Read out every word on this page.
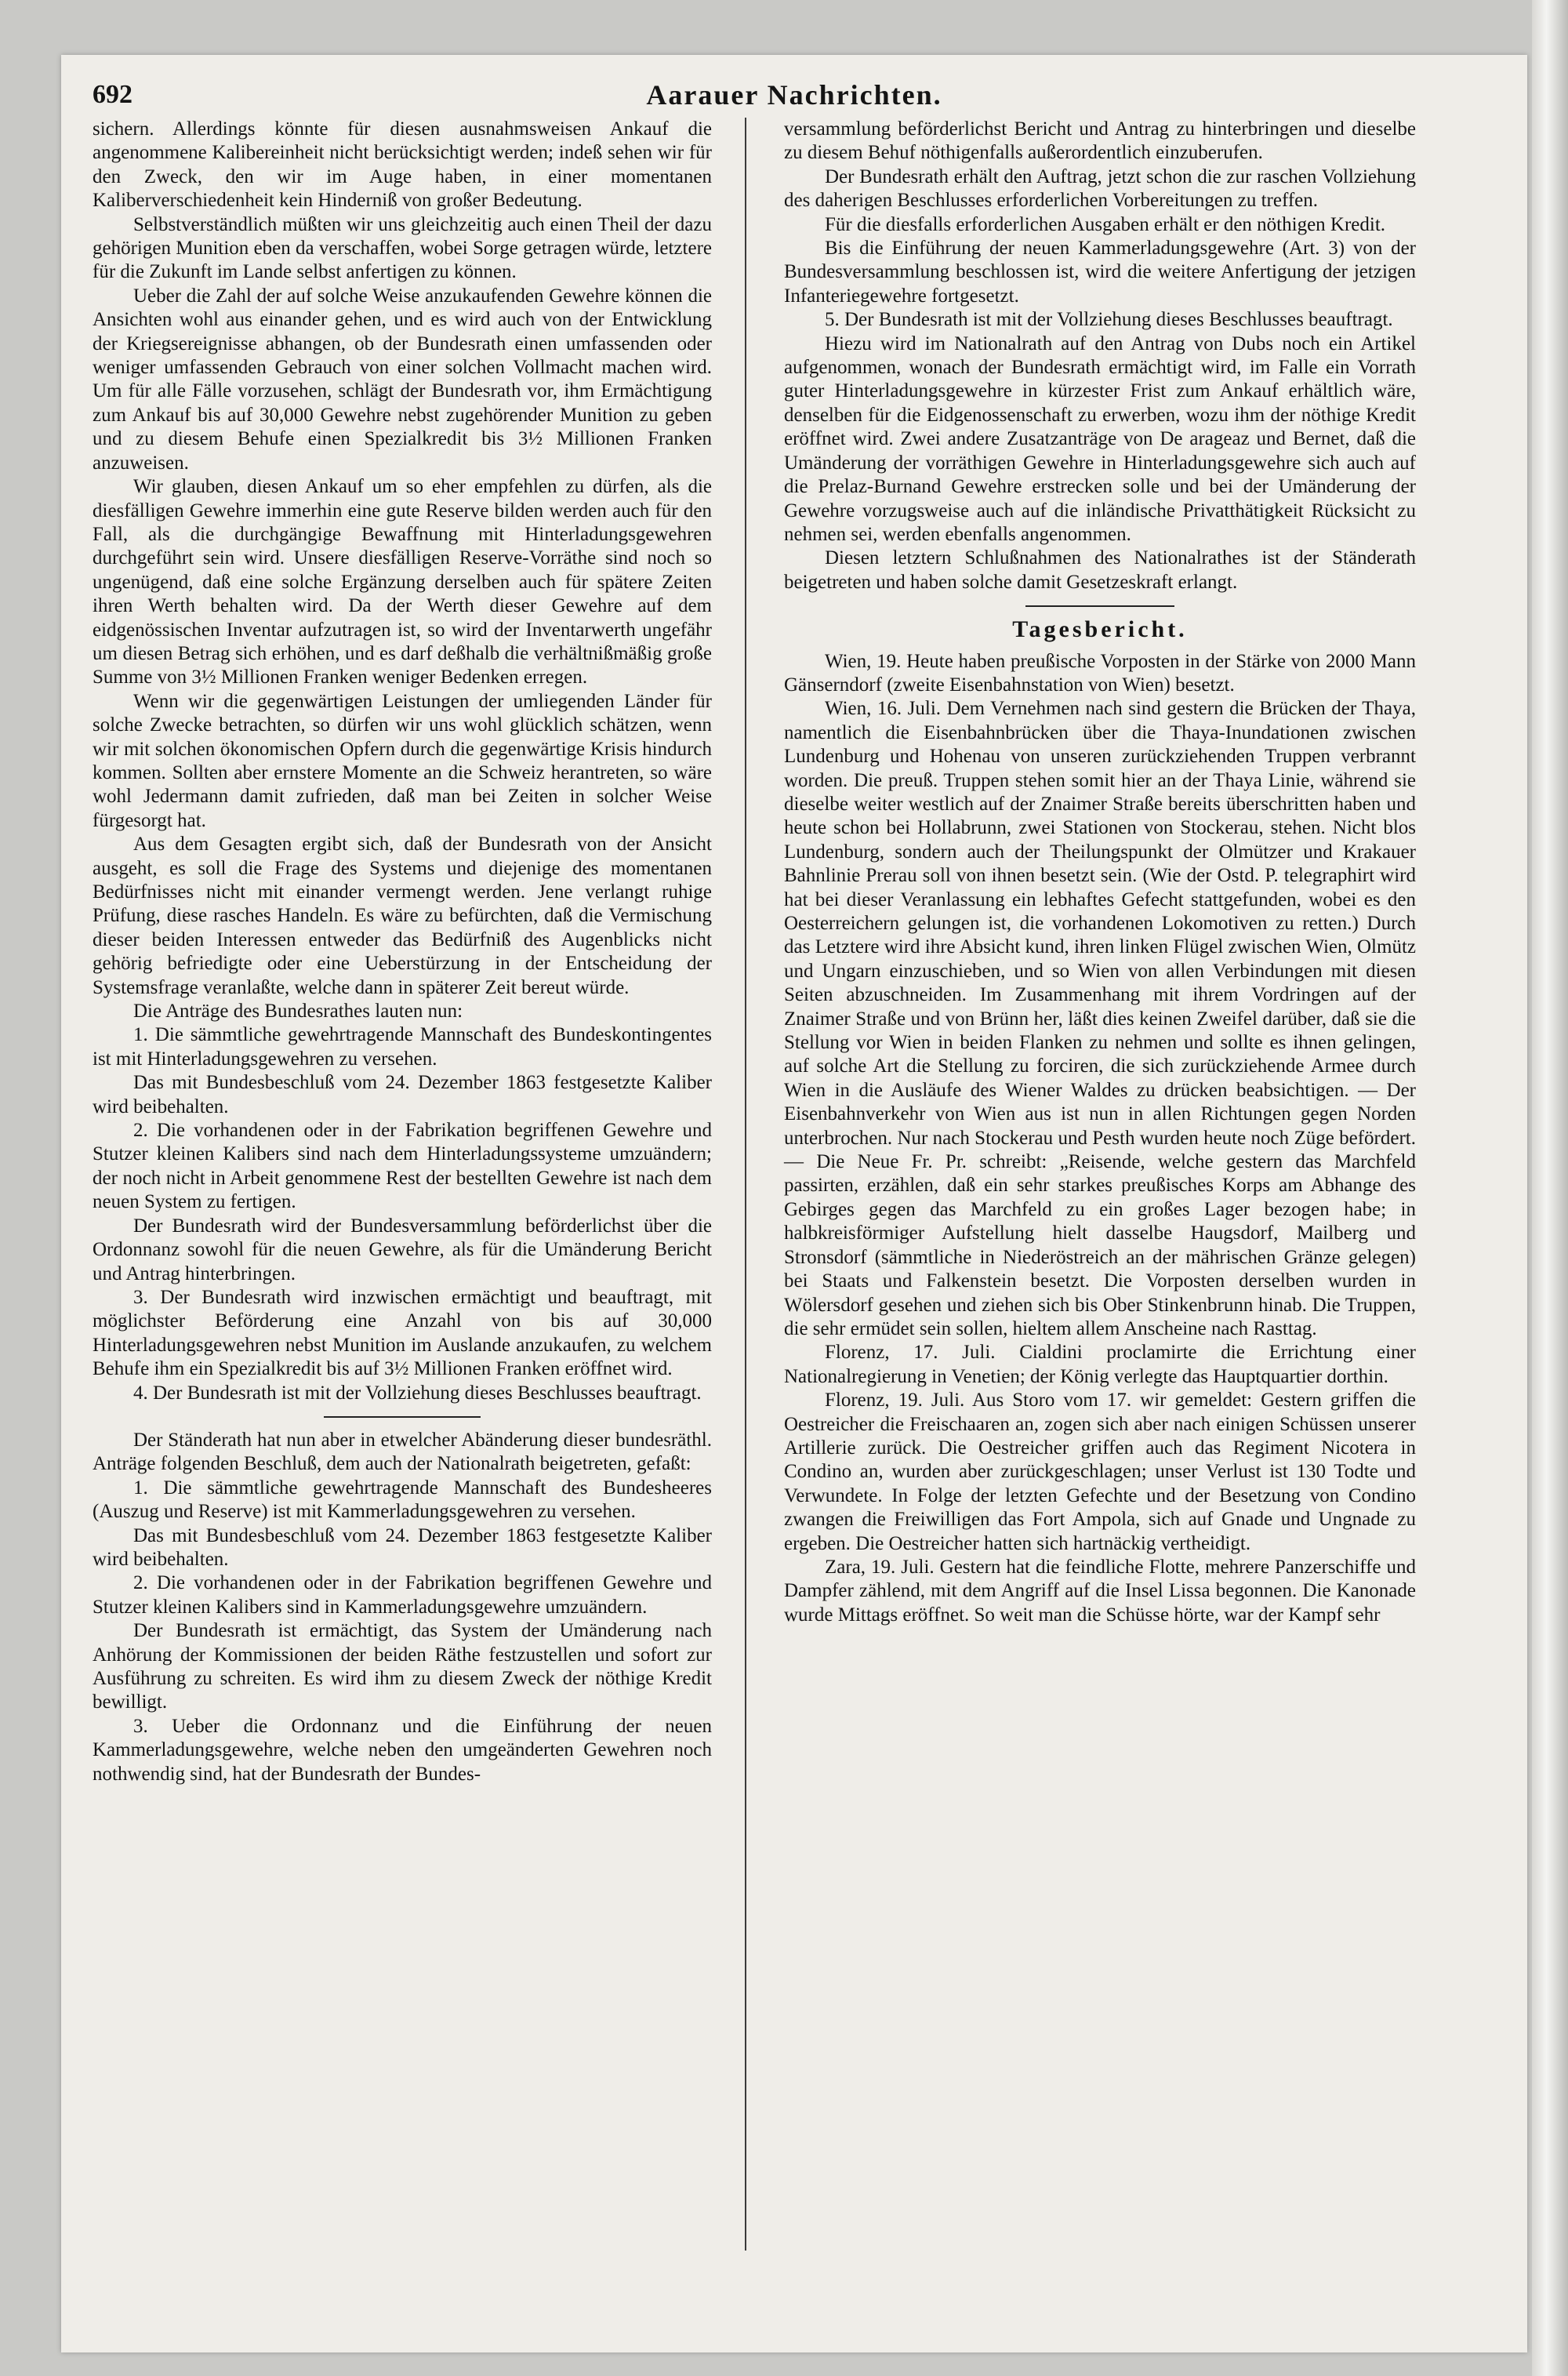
692	Aarauer Nachrichten.

sichern. Allerdings könnte für diesen ausnahmsweisen Ankauf die angenommene Kalibereinheit nicht berücksichtigt werden; indeß sehen wir für den Zweck, den wir im Auge haben, in einer momentanen Kaliberverschiedenheit kein Hinderniß von großer Bedeutung.

Selbstverständlich müßten wir uns gleichzeitig auch einen Theil der dazu gehörigen Munition eben da verschaffen, wobei Sorge getragen würde, letztere für die Zukunft im Lande selbst anfertigen zu können.

Ueber die Zahl der auf solche Weise anzukaufenden Gewehre können die Ansichten wohl aus einander gehen, und es wird auch von der Entwicklung der Kriegsereignisse abhangen, ob der Bundesrath einen umfassenden oder weniger umfassenden Gebrauch von einer solchen Vollmacht machen wird. Um für alle Fälle vorzusehen, schlägt der Bundesrath vor, ihm Ermächtigung zum Ankauf bis auf 30,000 Gewehre nebst zugehörender Munition zu geben und zu diesem Behufe einen Spezialkredit bis 3½ Millionen Franken anzuweisen.

Wir glauben, diesen Ankauf um so eher empfehlen zu dürfen, als die diesfälligen Gewehre immerhin eine gute Reserve bilden werden auch für den Fall, als die durchgängige Bewaffnung mit Hinterladungsgewehren durchgeführt sein wird. Unsere diesfälligen Reserve-Vorräthe sind noch so ungenügend, daß eine solche Ergänzung derselben auch für spätere Zeiten ihren Werth behalten wird. Da der Werth dieser Gewehre auf dem eidgenössischen Inventar aufzutragen ist, so wird der Inventarwerth ungefähr um diesen Betrag sich erhöhen, und es darf deßhalb die verhältnißmäßig große Summe von 3½ Millionen Franken weniger Bedenken erregen.

Wenn wir die gegenwärtigen Leistungen der umliegenden Länder für solche Zwecke betrachten, so dürfen wir uns wohl glücklich schätzen, wenn wir mit solchen ökonomischen Opfern durch die gegenwärtige Krisis hindurch kommen. Sollten aber ernstere Momente an die Schweiz herantreten, so wäre wohl Jedermann damit zufrieden, daß man bei Zeiten in solcher Weise fürgesorgt hat.

Aus dem Gesagten ergibt sich, daß der Bundesrath von der Ansicht ausgeht, es soll die Frage des Systems und diejenige des momentanen Bedürfnisses nicht mit einander vermengt werden. Jene verlangt ruhige Prüfung, diese rasches Handeln. Es wäre zu befürchten, daß die Vermischung dieser beiden Interessen entweder das Bedürfniß des Augenblicks nicht gehörig befriedigte oder eine Ueberstürzung in der Entscheidung der Systemsfrage veranlaßte, welche dann in späterer Zeit bereut würde.

Die Anträge des Bundesrathes lauten nun:

1. Die sämmtliche gewehrtragende Mannschaft des Bundeskontingentes ist mit Hinterladungsgewehren zu versehen.

Das mit Bundesbeschluß vom 24. Dezember 1863 festgesetzte Kaliber wird beibehalten.

2. Die vorhandenen oder in der Fabrikation begriffenen Gewehre und Stutzer kleinen Kalibers sind nach dem Hinterladungssysteme umzuändern; der noch nicht in Arbeit genommene Rest der bestellten Gewehre ist nach dem neuen System zu fertigen.

Der Bundesrath wird der Bundesversammlung beförderlichst über die Ordonnanz sowohl für die neuen Gewehre, als für die Umänderung Bericht und Antrag hinterbringen.

3. Der Bundesrath wird inzwischen ermächtigt und beauftragt, mit möglichster Beförderung eine Anzahl von bis auf 30,000 Hinterladungsgewehren nebst Munition im Auslande anzukaufen, zu welchem Behufe ihm ein Spezialkredit bis auf 3½ Millionen Franken eröffnet wird.

4. Der Bundesrath ist mit der Vollziehung dieses Beschlusses beauftragt.

Der Ständerath hat nun aber in etwelcher Abänderung dieser bundesräthl. Anträge folgenden Beschluß, dem auch der Nationalrath beigetreten, gefaßt:

1. Die sämmtliche gewehrtragende Mannschaft des Bundesheeres (Auszug und Reserve) ist mit Kammerladungsgewehren zu versehen.

Das mit Bundesbeschluß vom 24. Dezember 1863 festgesetzte Kaliber wird beibehalten.

2. Die vorhandenen oder in der Fabrikation begriffenen Gewehre und Stutzer kleinen Kalibers sind in Kammerladungsgewehre umzuändern.

Der Bundesrath ist ermächtigt, das System der Umänderung nach Anhörung der Kommissionen der beiden Räthe festzustellen und sofort zur Ausführung zu schreiten. Es wird ihm zu diesem Zweck der nöthige Kredit bewilligt.

3. Ueber die Ordonnanz und die Einführung der neuen Kammerladungsgewehre, welche neben den umgeänderten Gewehren noch nothwendig sind, hat der Bundesrath der Bundes-

versammlung beförderlichst Bericht und Antrag zu hinterbringen und dieselbe zu diesem Behuf nöthigenfalls außerordentlich einzuberufen.

Der Bundesrath erhält den Auftrag, jetzt schon die zur raschen Vollziehung des daherigen Beschlusses erforderlichen Vorbereitungen zu treffen.

Für die diesfalls erforderlichen Ausgaben erhält er den nöthigen Kredit.

Bis die Einführung der neuen Kammerladungsgewehre (Art. 3) von der Bundesversammlung beschlossen ist, wird die weitere Anfertigung der jetzigen Infanteriegewehre fortgesetzt.

5. Der Bundesrath ist mit der Vollziehung dieses Beschlusses beauftragt.

Hiezu wird im Nationalrath auf den Antrag von Dubs noch ein Artikel aufgenommen, wonach der Bundesrath ermächtigt wird, im Falle ein Vorrath guter Hinterladungsgewehre in kürzester Frist zum Ankauf erhältlich wäre, denselben für die Eidgenossenschaft zu erwerben, wozu ihm der nöthige Kredit eröffnet wird. Zwei andere Zusatzanträge von De arageaz und Bernet, daß die Umänderung der vorräthigen Gewehre in Hinterladungsgewehre sich auch auf die Prelaz-Burnand Gewehre erstrecken solle und bei der Umänderung der Gewehre vorzugsweise auch auf die inländische Privatthätigkeit Rücksicht zu nehmen sei, werden ebenfalls angenommen.

Diesen letztern Schlußnahmen des Nationalrathes ist der Ständerath beigetreten und haben solche damit Gesetzeskraft erlangt.

Tagesbericht.

Wien, 19. Heute haben preußische Vorposten in der Stärke von 2000 Mann Gänserndorf (zweite Eisenbahnstation von Wien) besetzt.

Wien, 16. Juli. Dem Vernehmen nach sind gestern die Brücken der Thaya, namentlich die Eisenbahnbrücken über die Thaya-Inundationen zwischen Lundenburg und Hohenau von unseren zurückziehenden Truppen verbrannt worden. Die preuß. Truppen stehen somit hier an der Thaya Linie, während sie dieselbe weiter westlich auf der Znaimer Straße bereits überschritten haben und heute schon bei Hollabrunn, zwei Stationen von Stockerau, stehen. Nicht blos Lundenburg, sondern auch der Theilungspunkt der Olmützer und Krakauer Bahnlinie Prerau soll von ihnen besetzt sein. (Wie der Ostd. P. telegraphirt wird hat bei dieser Veranlassung ein lebhaftes Gefecht stattgefunden, wobei es den Oesterreichern gelungen ist, die vorhandenen Lokomotiven zu retten.) Durch das Letztere wird ihre Absicht kund, ihren linken Flügel zwischen Wien, Olmütz und Ungarn einzuschieben, und so Wien von allen Verbindungen mit diesen Seiten abzuschneiden. Im Zusammenhang mit ihrem Vordringen auf der Znaimer Straße und von Brünn her, läßt dies keinen Zweifel darüber, daß sie die Stellung vor Wien in beiden Flanken zu nehmen und sollte es ihnen gelingen, auf solche Art die Stellung zu forciren, die sich zurückziehende Armee durch Wien in die Ausläufe des Wiener Waldes zu drücken beabsichtigen. — Der Eisenbahnverkehr von Wien aus ist nun in allen Richtungen gegen Norden unterbrochen. Nur nach Stockerau und Pesth wurden heute noch Züge befördert. — Die Neue Fr. Pr. schreibt: „Reisende, welche gestern das Marchfeld passirten, erzählen, daß ein sehr starkes preußisches Korps am Abhange des Gebirges gegen das Marchfeld zu ein großes Lager bezogen habe; in halbkreisförmiger Aufstellung hielt dasselbe Haugsdorf, Mailberg und Stronsdorf (sämmtliche in Niederöstreich an der mährischen Gränze gelegen) bei Staats und Falkenstein besetzt. Die Vorposten derselben wurden in Wölersdorf gesehen und ziehen sich bis Ober Stinkenbrunn hinab. Die Truppen, die sehr ermüdet sein sollen, hieltem allem Anscheine nach Rasttag.

Florenz, 17. Juli. Cialdini proclamirte die Errichtung einer Nationalregierung in Venetien; der König verlegte das Hauptquartier dorthin.

Florenz, 19. Juli. Aus Storo vom 17. wir gemeldet: Gestern griffen die Oestreicher die Freischaaren an, zogen sich aber nach einigen Schüssen unserer Artillerie zurück. Die Oestreicher griffen auch das Regiment Nicotera in Condino an, wurden aber zurückgeschlagen; unser Verlust ist 130 Todte und Verwundete. In Folge der letzten Gefechte und der Besetzung von Condino zwangen die Freiwilligen das Fort Ampola, sich auf Gnade und Ungnade zu ergeben. Die Oestreicher hatten sich hartnäckig vertheidigt.

Zara, 19. Juli. Gestern hat die feindliche Flotte, mehrere Panzerschiffe und Dampfer zählend, mit dem Angriff auf die Insel Lissa begonnen. Die Kanonade wurde Mittags eröffnet. So weit man die Schüsse hörte, war der Kampf sehr
